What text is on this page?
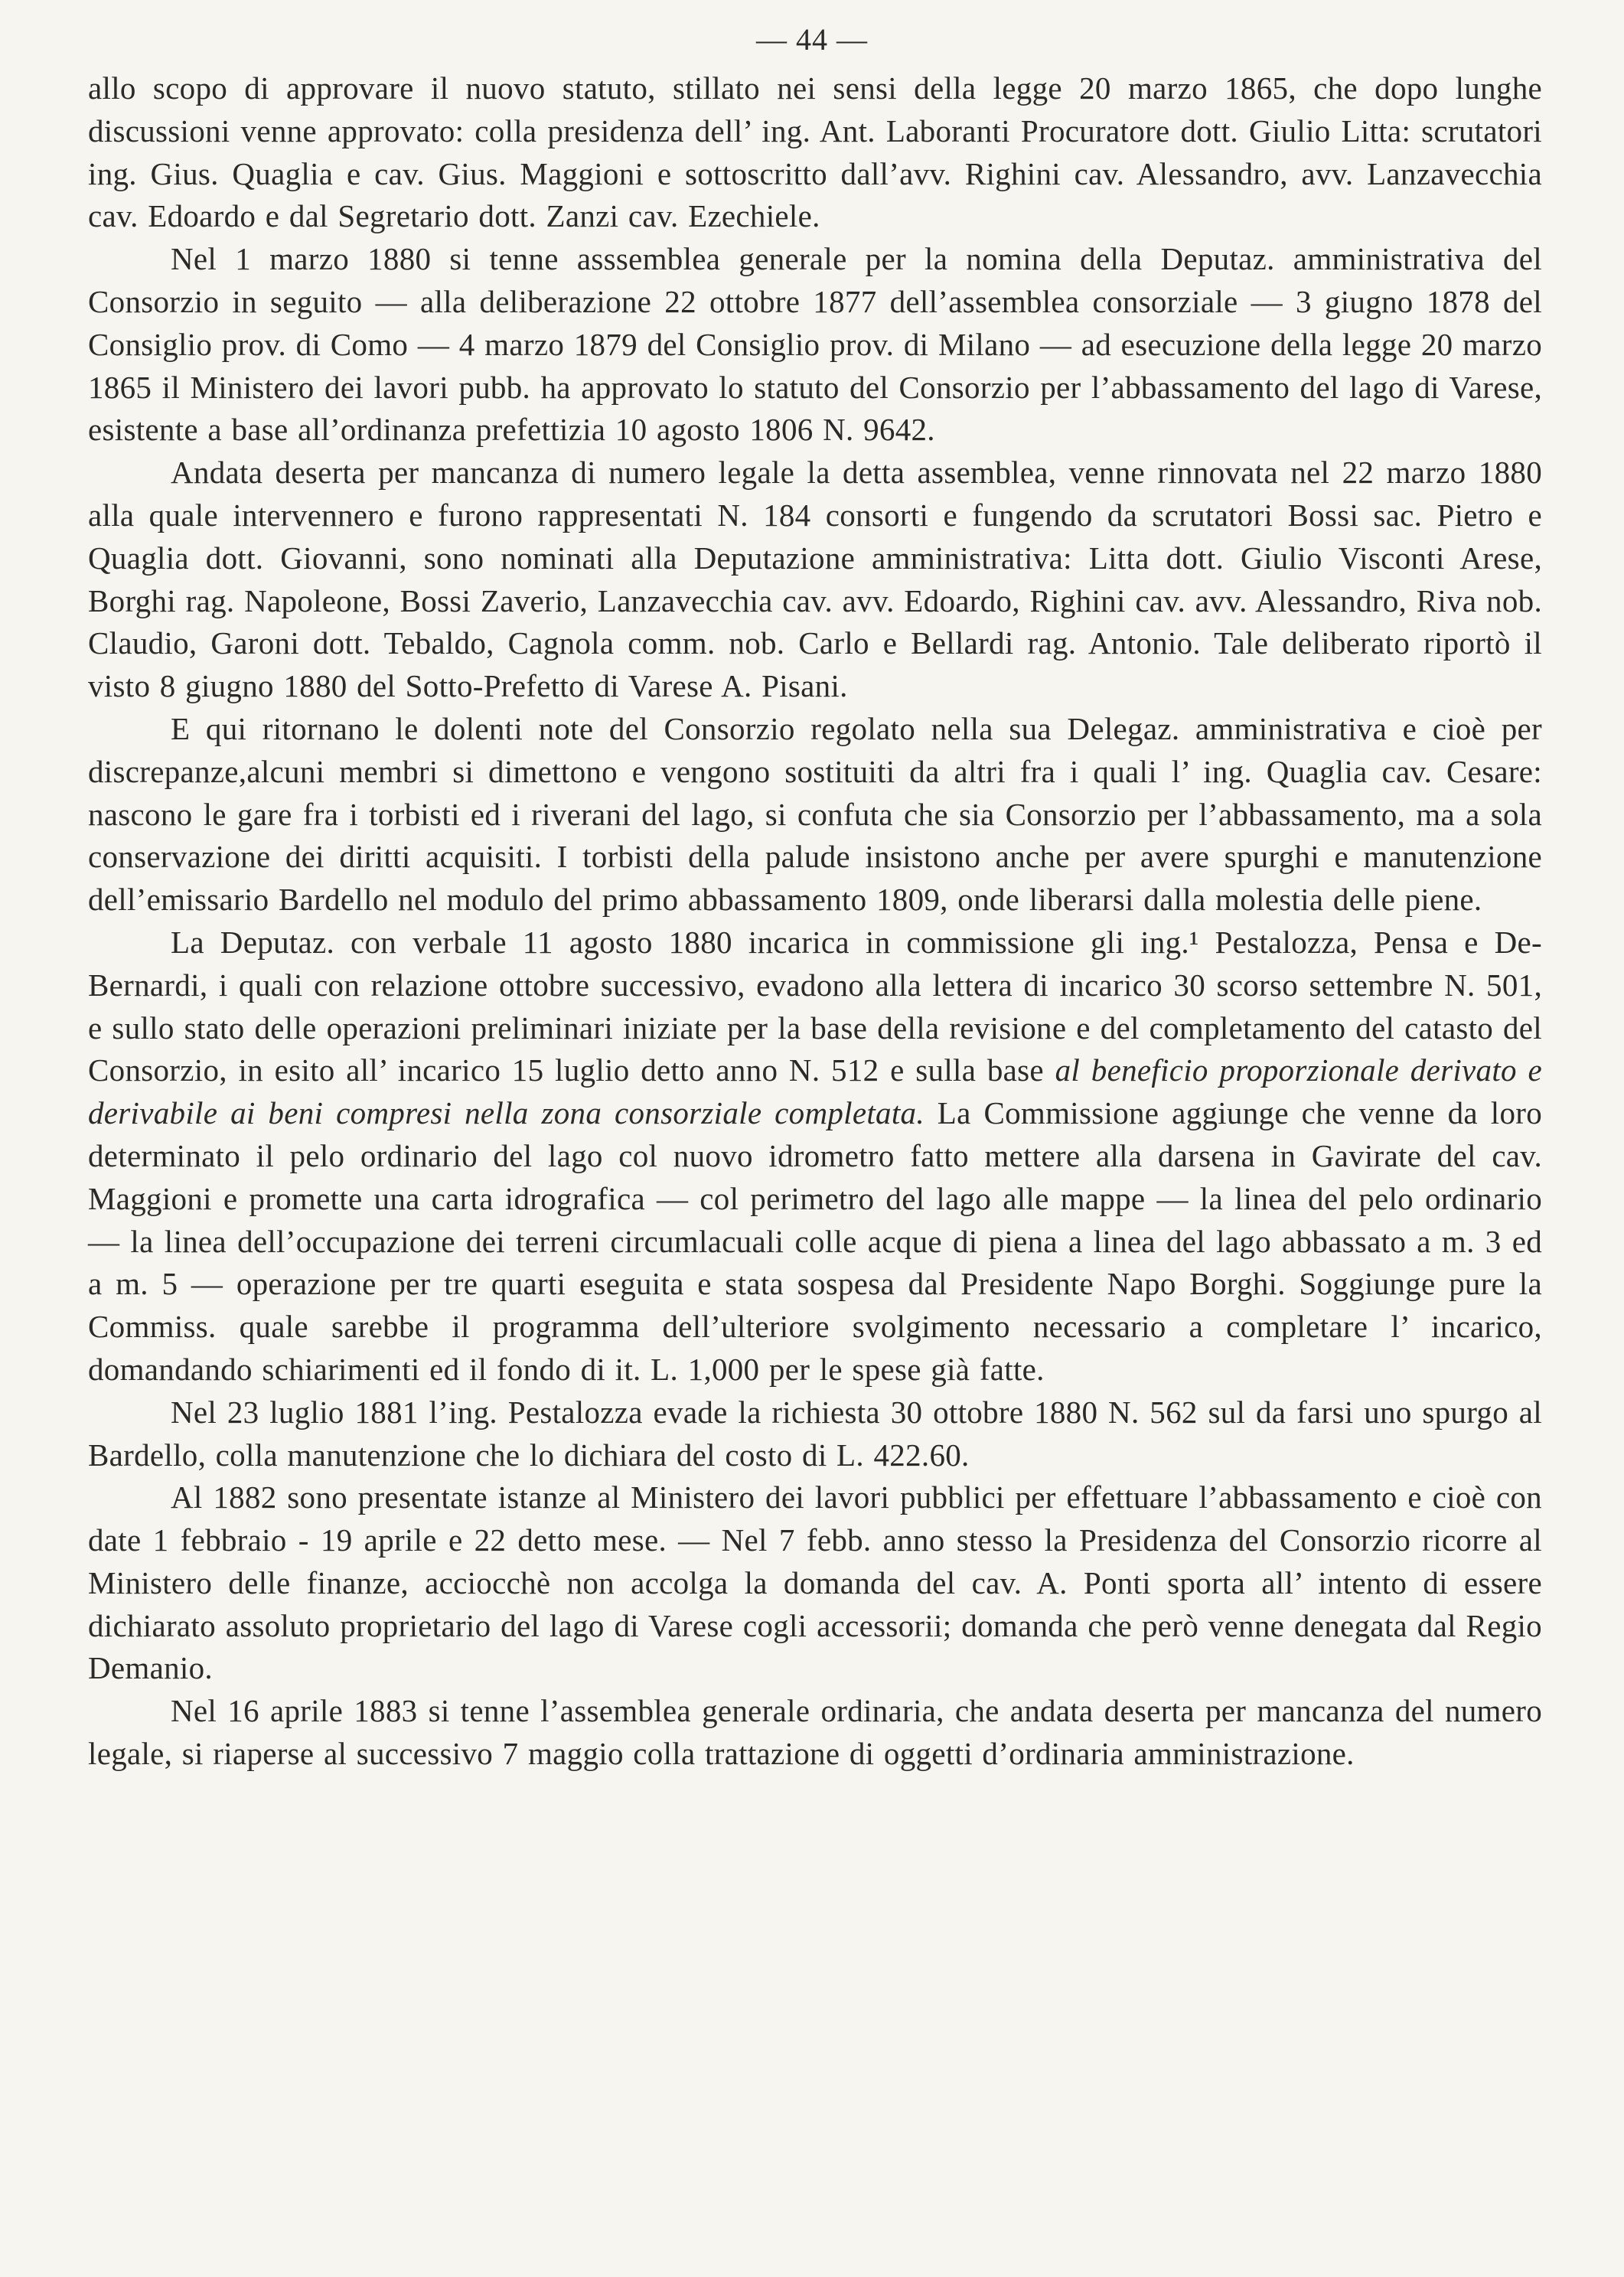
— 44 —

allo scopo di approvare il nuovo statuto, stillato nei sensi della legge 20 marzo 1865, che dopo lunghe discussioni venne approvato: colla presidenza dell’ ing. Ant. Laboranti Procuratore dott. Giulio Litta: scrutatori ing. Gius. Quaglia e cav. Gius. Maggioni e sottoscritto dall’avv. Righini cav. Alessandro, avv. Lanzavecchia cav. Edoardo e dal Segretario dott. Zanzi cav. Ezechiele.

Nel 1 marzo 1880 si tenne asssemblea generale per la nomina della Deputaz. amministrativa del Consorzio in seguito — alla deliberazione 22 ottobre 1877 dell’assemblea consorziale — 3 giugno 1878 del Consiglio prov. di Como — 4 marzo 1879 del Consiglio prov. di Milano — ad esecuzione della legge 20 marzo 1865 il Ministero dei lavori pubb. ha approvato lo statuto del Consorzio per l’abbassamento del lago di Varese, esistente a base all’ordinanza prefettizia 10 agosto 1806 N. 9642.

Andata deserta per mancanza di numero legale la detta assemblea, venne rinnovata nel 22 marzo 1880 alla quale intervennero e furono rappresentati N. 184 consorti e fungendo da scrutatori Bossi sac. Pietro e Quaglia dott. Giovanni, sono nominati alla Deputazione amministrativa: Litta dott. Giulio Visconti Arese, Borghi rag. Napoleone, Bossi Zaverio, Lanzavecchia cav. avv. Edoardo, Righini cav. avv. Alessandro, Riva nob. Claudio, Garoni dott. Tebaldo, Cagnola comm. nob. Carlo e Bellardi rag. Antonio. Tale deliberato riportò il visto 8 giugno 1880 del Sotto-Prefetto di Varese A. Pisani.

E qui ritornano le dolenti note del Consorzio regolato nella sua Delegaz. amministrativa e cioè per discrepanze,alcuni membri si dimettono e vengono sostituiti da altri fra i quali l’ ing. Quaglia cav. Cesare: nascono le gare fra i torbisti ed i riverani del lago, si confuta che sia Consorzio per l’abbassamento, ma a sola conservazione dei diritti acquisiti. I torbisti della palude insistono anche per avere spurghi e manutenzione dell’emissario Bardello nel modulo del primo abbassamento 1809, onde liberarsi dalla molestia delle piene.

La Deputaz. con verbale 11 agosto 1880 incarica in commissione gli ing.¹ Pestalozza, Pensa e De-Bernardi, i quali con relazione ottobre successivo, evadono alla lettera di incarico 30 scorso settembre N. 501, e sullo stato delle operazioni preliminari iniziate per la base della revisione e del completamento del catasto del Consorzio, in esito all’ incarico 15 luglio detto anno N. 512 e sulla base al beneficio proporzionale derivato e derivabile ai beni compresi nella zona consorziale completata. La Commissione aggiunge che venne da loro determinato il pelo ordinario del lago col nuovo idrometro fatto mettere alla darsena in Gavirate del cav. Maggioni e promette una carta idrografica — col perimetro del lago alle mappe — la linea del pelo ordinario — la linea dell’occupazione dei terreni circumlacuali colle acque di piena a linea del lago abbassato a m. 3 ed a m. 5 — operazione per tre quarti eseguita e stata sospesa dal Presidente Napo Borghi. Soggiunge pure la Commiss. quale sarebbe il programma dell’ulteriore svolgimento necessario a completare l’ incarico, domandando schiarimenti ed il fondo di it. L. 1,000 per le spese già fatte.

Nel 23 luglio 1881 l’ing. Pestalozza evade la richiesta 30 ottobre 1880 N. 562 sul da farsi uno spurgo al Bardello, colla manutenzione che lo dichiara del costo di L. 422.60.

Al 1882 sono presentate istanze al Ministero dei lavori pubblici per effettuare l’abbassamento e cioè con date 1 febbraio - 19 aprile e 22 detto mese. — Nel 7 febb. anno stesso la Presidenza del Consorzio ricorre al Ministero delle finanze, acciocchè non accolga la domanda del cav. A. Ponti sporta all’ intento di essere dichiarato assoluto proprietario del lago di Varese cogli accessorii; domanda che però venne denegata dal Regio Demanio.

Nel 16 aprile 1883 si tenne l’assemblea generale ordinaria, che andata deserta per mancanza del numero legale, si riaperse al successivo 7 maggio colla trattazione di oggetti d’ordinaria amministrazione.
